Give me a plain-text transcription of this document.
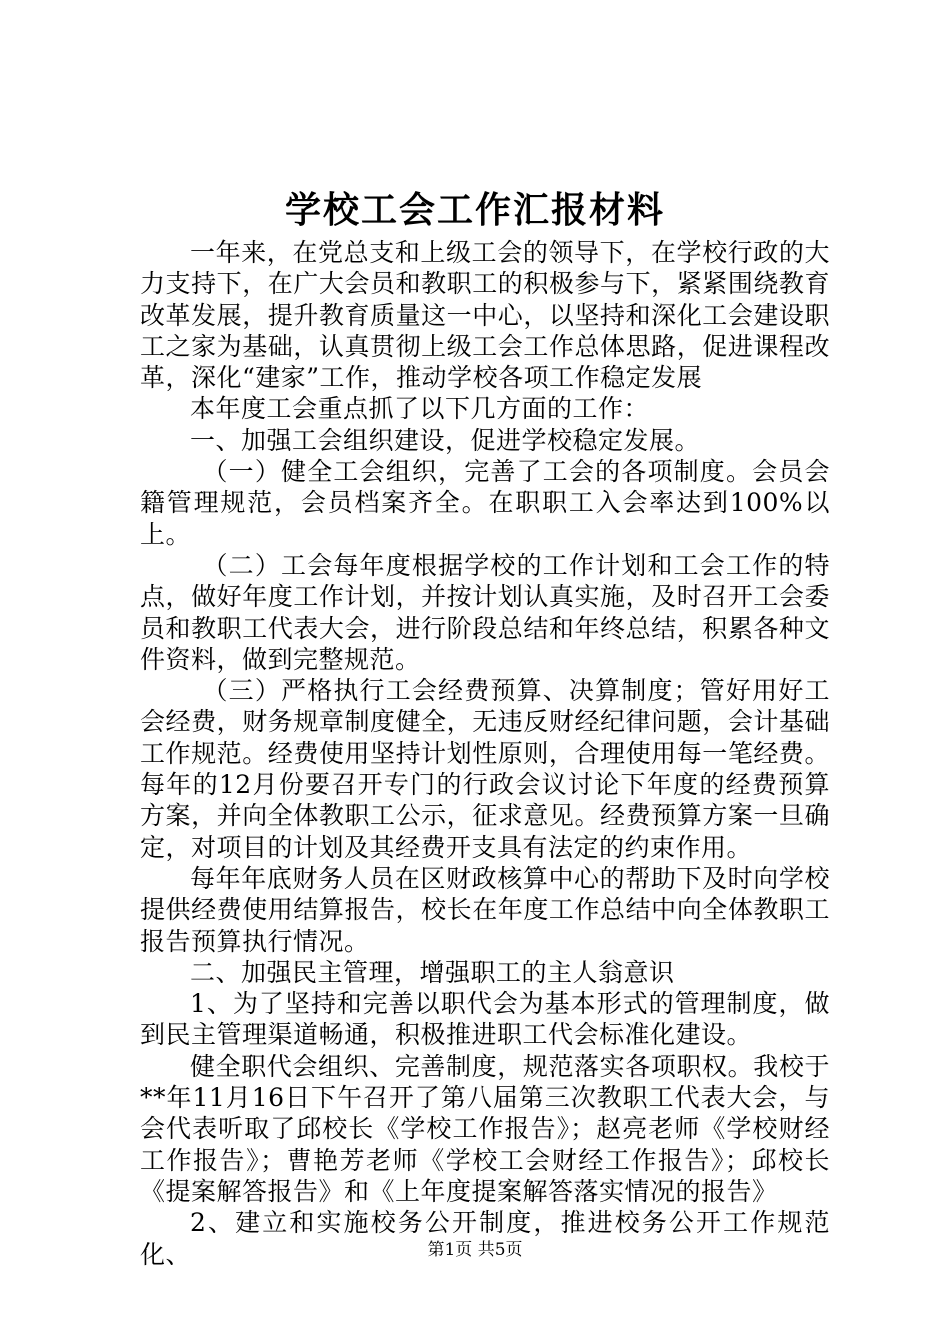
学校工会工作汇报材料

一年来，在党总支和上级工会的领导下，在学校行政的大力支持下，在广大会员和教职工的积极参与下，紧紧围绕教育改革发展，提升教育质量这一中心，以坚持和深化工会建设职工之家为基础，认真贯彻上级工会工作总体思路，促进课程改革，深化“建家”工作，推动学校各项工作稳定发展

本年度工会重点抓了以下几方面的工作：

一、加强工会组织建设，促进学校稳定发展。

（一）健全工会组织，完善了工会的各项制度。会员会籍管理规范，会员档案齐全。在职职工入会率达到100%以上。

（二）工会每年度根据学校的工作计划和工会工作的特点，做好年度工作计划，并按计划认真实施，及时召开工会委员和教职工代表大会，进行阶段总结和年终总结，积累各种文件资料，做到完整规范。

（三）严格执行工会经费预算、决算制度；管好用好工会经费，财务规章制度健全，无违反财经纪律问题，会计基础工作规范。经费使用坚持计划性原则，合理使用每一笔经费。每年的12月份要召开专门的行政会议讨论下年度的经费预算方案，并向全体教职工公示，征求意见。经费预算方案一旦确定，对项目的计划及其经费开支具有法定的约束作用。

每年年底财务人员在区财政核算中心的帮助下及时向学校提供经费使用结算报告，校长在年度工作总结中向全体教职工报告预算执行情况。

二、加强民主管理，增强职工的主人翁意识

1、为了坚持和完善以职代会为基本形式的管理制度，做到民主管理渠道畅通，积极推进职工代会标准化建设。

健全职代会组织、完善制度，规范落实各项职权。我校于**年11月16日下午召开了第八届第三次教职工代表大会，与会代表听取了邱校长《学校工作报告》；赵亮老师《学校财经工作报告》；曹艳芳老师《学校工会财经工作报告》；邱校长《提案解答报告》和《上年度提案解答落实情况的报告》

2、建立和实施校务公开制度，推进校务公开工作规范化、	第1页 共5页
